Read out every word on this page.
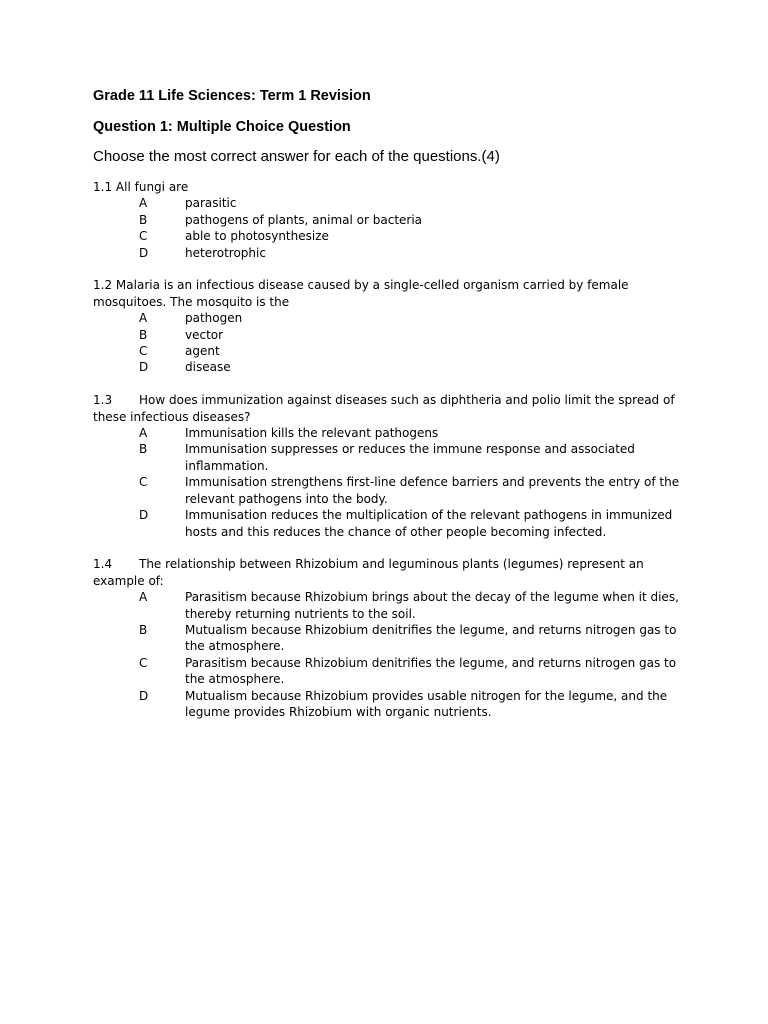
Grade 11 Life Sciences: Term 1 Revision
Question 1: Multiple Choice Question

Choose the most correct answer for each of the questions.(4)

1.1 All fungi are

A	parasitic
B	pathogens of plants, animal or bacteria
C	able to photosynthesize
D	heterotrophic

1.2 Malaria is an infectious disease caused by a single-celled organism carried by female mosquitoes. The mosquito is the

A	pathogen
B	vector
C	agent
D	disease

1.3 How does immunization against diseases such as diphtheria and polio limit the spread of these infectious diseases?

A	Immunisation kills the relevant pathogens
B	Immunisation suppresses or reduces the immune response and associated inflammation.
C	Immunisation strengthens first-line defence barriers and prevents the entry of the relevant pathogens into the body.
D	Immunisation reduces the multiplication of the relevant pathogens in immunized hosts and this reduces the chance of other people becoming infected.

1.4 The relationship between Rhizobium and leguminous plants (legumes) represent an example of:

A	Parasitism because Rhizobium brings about the decay of the legume when it dies, thereby returning nutrients to the soil.
B	Mutualism because Rhizobium denitrifies the legume, and returns nitrogen gas to the atmosphere.
C	Parasitism because Rhizobium denitrifies the legume, and returns nitrogen gas to the atmosphere.
D	Mutualism because Rhizobium provides usable nitrogen for the legume, and the legume provides Rhizobium with organic nutrients.
